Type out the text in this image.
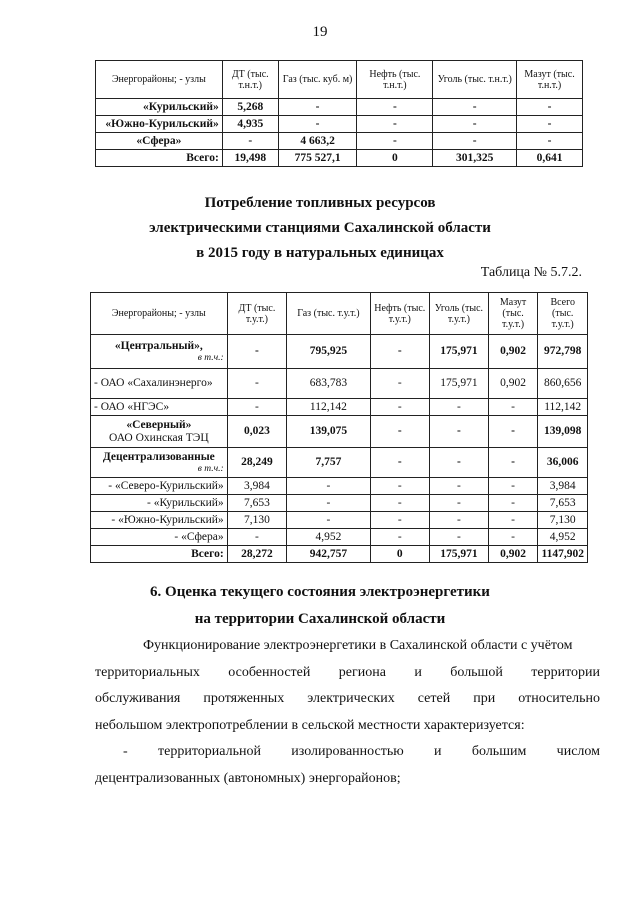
19
Энергорайоны; - узлы	ДТ (тыс. т.н.т.)	Газ (тыс. куб. м)	Нефть (тыс. т.н.т.)	Уголь (тыс. т.н.т.)	Мазут (тыс. т.н.т.)
«Курильский»	5,268	-	-	-	-
«Южно-Курильский»	4,935	-	-	-	-
«Сфера»	-	4 663,2	-	-	-
Всего:	19,498	775 527,1	0	301,325	0,641
Потребление топливных ресурсов
электрическими станциями Сахалинской области
в 2015 году в натуральных единицах
Таблица № 5.7.2.
Энергорайоны; - узлы	ДТ (тыс. т.у.т.)	Газ (тыс. т.у.т.)	Нефть (тыс. т.у.т.)	Уголь (тыс. т.у.т.)	Мазут (тыс. т.у.т.)	Всего (тыс. т.у.т.)
«Центральный»,
в т.ч.:	-	795,925	-	175,971	0,902	972,798
- ОАО «Сахалинэнерго»	-	683,783	-	175,971	0,902	860,656
- ОАО «НГЭС»	-	112,142	-	-	-	112,142

«Северный»
ОАО Охинская ТЭЦ	0,023	139,075	-	-	-	139,098
Децентрализованные
в т.ч.:	28,249	7,757	-	-	-	36,006
- «Северо-Курильский»	3,984	-	-	-	-	3,984
- «Курильский»	7,653	-	-	-	-	7,653
- «Южно-Курильский»	7,130	-	-	-	-	7,130
- «Сфера»	-	4,952	-	-	-	4,952
Всего:	28,272	942,757	0	175,971	0,902	1147,902
6. Оценка текущего состояния электроэнергетики
на территории Сахалинской области

Функционирование электроэнергетики в Сахалинской области с учётом

территориальных особенностей региона и большой территории

обслуживания протяженных электрических сетей при относительно

небольшом электропотреблении в сельской местности характеризуется:

- территориальной изолированностью и большим числом

децентрализованных (автономных) энергорайонов;
